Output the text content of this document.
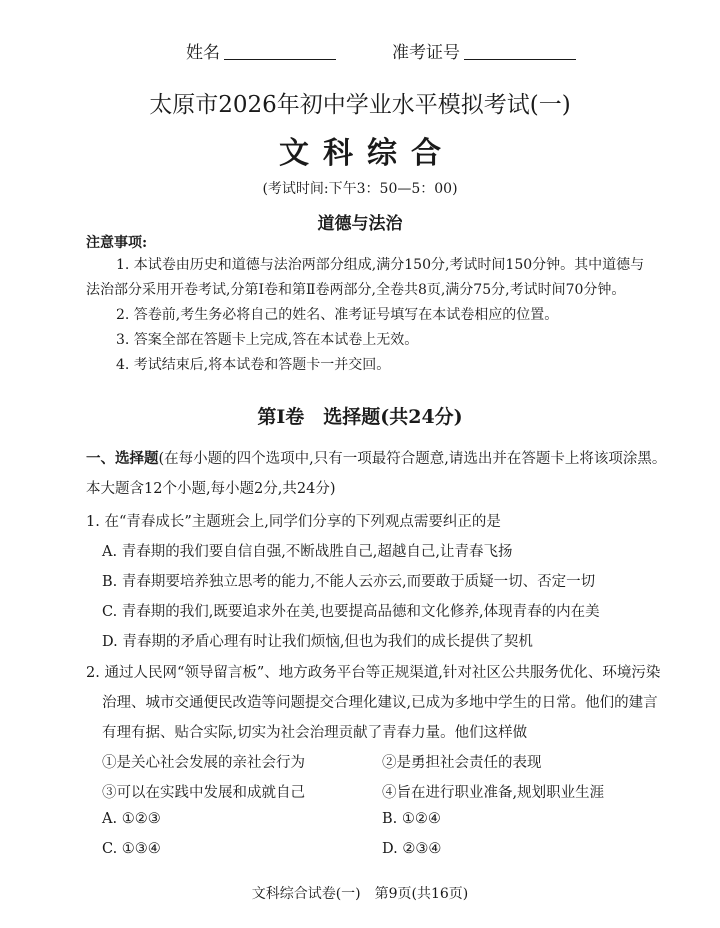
姓名	准考证号
太原市2026年初中学业水平模拟考试(一)
文科综合
(考试时间:下午3：50—5：00)
道德与法治
注意事项:
1. 本试卷由历史和道德与法治两部分组成,满分150分,考试时间150分钟。其中道德与
法治部分采用开卷考试,分第Ⅰ卷和第Ⅱ卷两部分,全卷共8页,满分75分,考试时间70分钟。
2. 答卷前,考生务必将自己的姓名、准考证号填写在本试卷相应的位置。
3. 答案全部在答题卡上完成,答在本试卷上无效。
4. 考试结束后,将本试卷和答题卡一并交回。
第Ⅰ卷　选择题(共24分)
一、选择题(在每小题的四个选项中,只有一项最符合题意,请选出并在答题卡上将该项涂黑。
本大题含12个小题,每小题2分,共24分)
1. 在“青春成长”主题班会上,同学们分享的下列观点需要纠正的是
A. 青春期的我们要自信自强,不断战胜自己,超越自己,让青春飞扬
B. 青春期要培养独立思考的能力,不能人云亦云,而要敢于质疑一切、否定一切
C. 青春期的我们,既要追求外在美,也要提高品德和文化修养,体现青春的内在美
D. 青春期的矛盾心理有时让我们烦恼,但也为我们的成长提供了契机
2. 通过人民网“领导留言板”、地方政务平台等正规渠道,针对社区公共服务优化、环境污染
治理、城市交通便民改造等问题提交合理化建议,已成为多地中学生的日常。他们的建言
有理有据、贴合实际,切实为社会治理贡献了青春力量。他们这样做
①是关心社会发展的亲社会行为	②是勇担社会责任的表现
③可以在实践中发展和成就自己	④旨在进行职业准备,规划职业生涯
A. ①②③	B. ①②④
C. ①③④	D. ②③④
文科综合试卷(一)　第9页(共16页)
